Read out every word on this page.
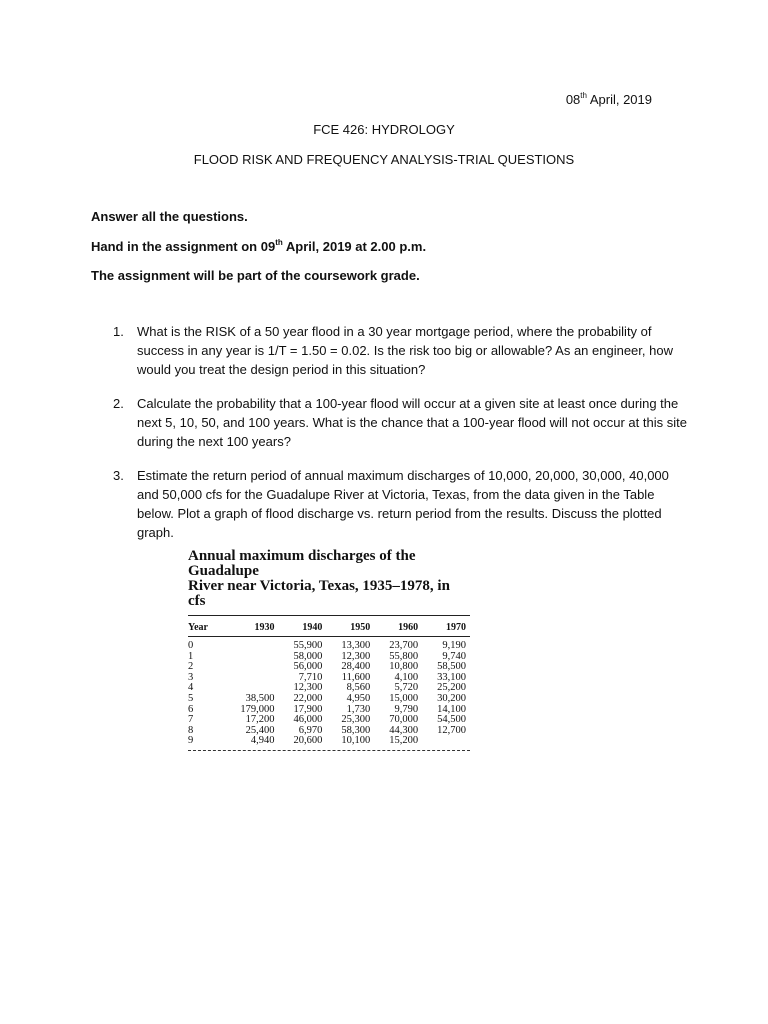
08th April, 2019
FCE 426: HYDROLOGY
FLOOD RISK AND FREQUENCY ANALYSIS-TRIAL QUESTIONS
Answer all the questions.
Hand in the assignment on 09th April, 2019 at 2.00 p.m.
The assignment will be part of the coursework grade.
1. What is the RISK of a 50 year flood in a 30 year mortgage period, where the probability of success in any year is 1/T = 1.50 = 0.02. Is the risk too big or allowable? As an engineer, how would you treat the design period in this situation?
2. Calculate the probability that a 100-year flood will occur at a given site at least once during the next 5, 10, 50, and 100 years. What is the chance that a 100-year flood will not occur at this site during the next 100 years?
3. Estimate the return period of annual maximum discharges of 10,000, 20,000, 30,000, 40,000 and 50,000 cfs for the Guadalupe River at Victoria, Texas, from the data given in the Table below. Plot a graph of flood discharge vs. return period from the results. Discuss the plotted graph.
Annual maximum discharges of the Guadalupe
River near Victoria, Texas, 1935–1978, in cfs
Year	1930	1940	1950	1960	1970

0		55,900	13,300	23,700	9,190
1		58,000	12,300	55,800	9,740
2		56,000	28,400	10,800	58,500
3		7,710	11,600	4,100	33,100
4		12,300	8,560	5,720	25,200
5	38,500	22,000	4,950	15,000	30,200
6	179,000	17,900	1,730	9,790	14,100
7	17,200	46,000	25,300	70,000	54,500
8	25,400	6,970	58,300	44,300	12,700
9	4,940	20,600	10,100	15,200	
